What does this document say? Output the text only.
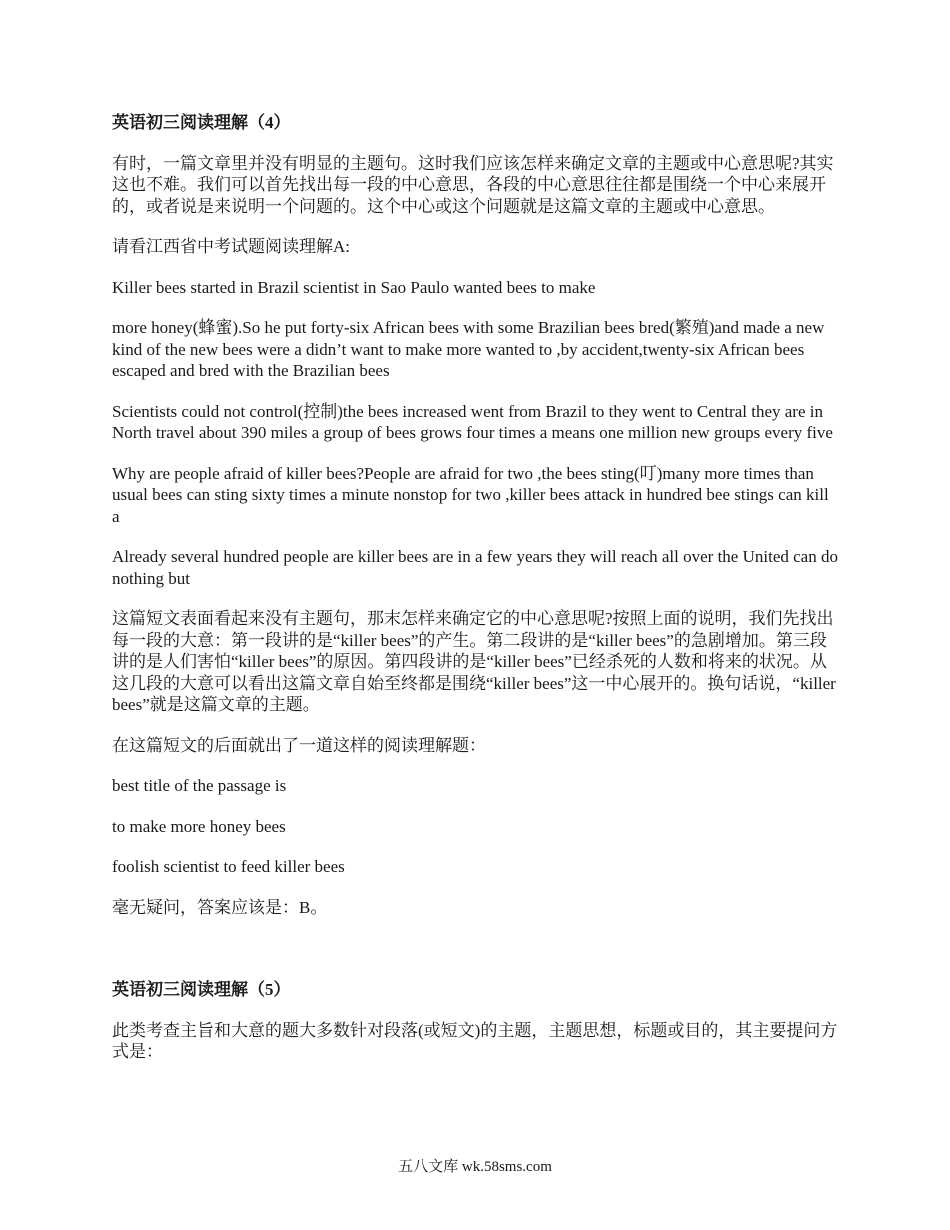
英语初三阅读理解（4）

有时，一篇文章里并没有明显的主题句。这时我们应该怎样来确定文章的主题或中心意思呢?其实这也不难。我们可以首先找出每一段的中心意思，各段的中心意思往往都是围绕一个中心来展开的，或者说是来说明一个问题的。这个中心或这个问题就是这篇文章的主题或中心意思。

请看江西省中考试题阅读理解A:

Killer bees started in Brazil scientist in Sao Paulo wanted bees to make

more honey(蜂蜜).So he put forty-six African bees with some Brazilian bees bred(繁殖)and made a new kind of the new bees were a didn’t want to make more wanted to ,by accident,twenty-six African bees escaped and bred with the Brazilian bees

Scientists could not control(控制)the bees increased went from Brazil to they went to Central they are in North travel about 390 miles a group of bees grows four times a means one million new groups every five

Why are people afraid of killer bees?People are afraid for two ,the bees sting(叮)many more times than usual bees can sting sixty times a minute nonstop for two ,killer bees attack in hundred bee stings can kill a

Already several hundred people are killer bees are in a few years they will reach all over the United can do nothing but

这篇短文表面看起来没有主题句，那末怎样来确定它的中心意思呢?按照上面的说明，我们先找出每一段的大意：第一段讲的是“killer bees”的产生。第二段讲的是“killer bees”的急剧增加。第三段讲的是人们害怕“killer bees”的原因。第四段讲的是“killer bees”已经杀死的人数和将来的状况。从这几段的大意可以看出这篇文章自始至终都是围绕“killer bees”这一中心展开的。换句话说，“killer bees”就是这篇文章的主题。

在这篇短文的后面就出了一道这样的阅读理解题：

best title of the passage is

to make more honey bees

foolish scientist to feed killer bees

毫无疑问，答案应该是：B。

英语初三阅读理解（5）

此类考查主旨和大意的题大多数针对段落(或短文)的主题，主题思想，标题或目的，其主要提问方式是：

五八文库 wk.58sms.com
